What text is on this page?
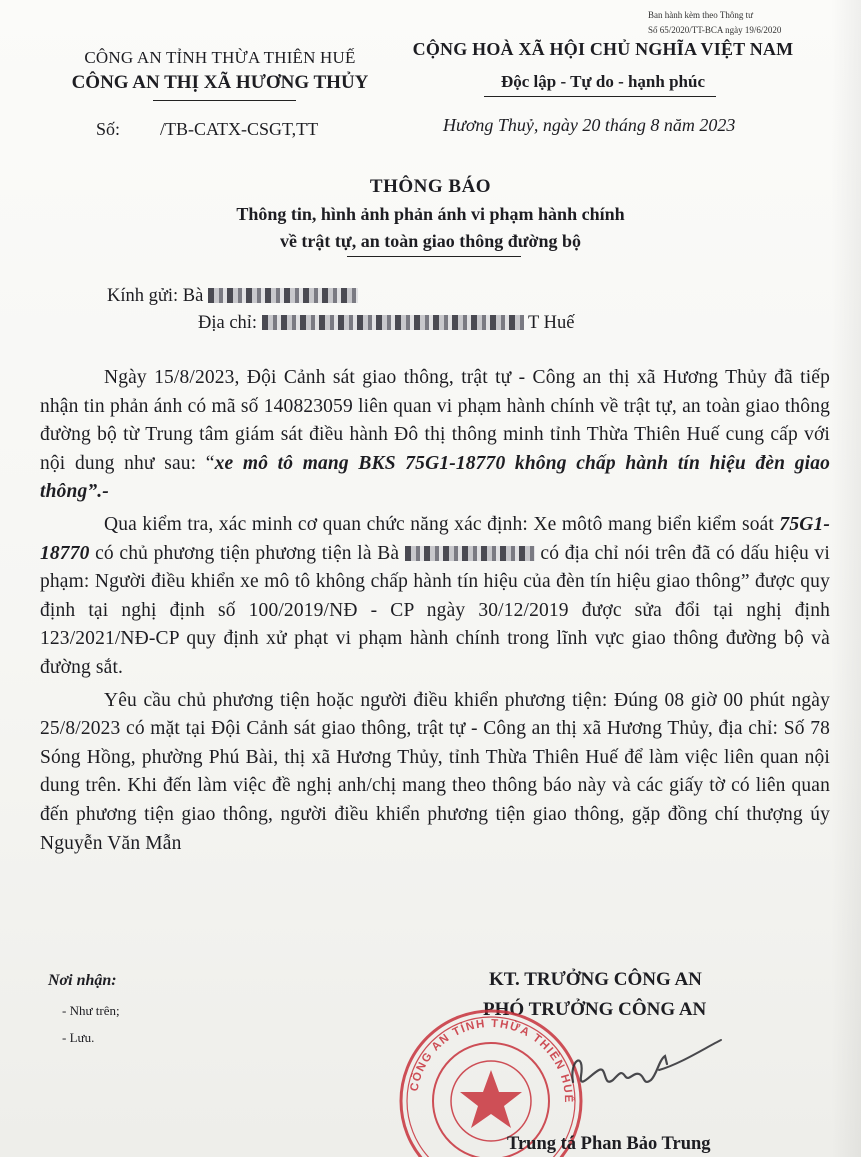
Ban hành kèm theo Thông tư
Số 65/2020/TT-BCA ngày 19/6/2020
CÔNG AN TỈNH THỪA THIÊN HUẾ
CÔNG AN THỊ XÃ HƯƠNG THỦY
CỘNG HOÀ XÃ HỘI CHỦ NGHĨA VIỆT NAM
Độc lập - Tự do - hạnh phúc
Số: /TB-CATX-CSGT,TT	Hương Thuỷ, ngày 20 tháng 8 năm 2023
THÔNG BÁO
Thông tin, hình ảnh phản ánh vi phạm hành chính
về trật tự, an toàn giao thông đường bộ
Kính gửi: Bà
Địa chỉ:	T Huế

Ngày 15/8/2023, Đội Cảnh sát giao thông, trật tự - Công an thị xã Hương Thủy đã tiếp nhận tin phản ánh có mã số 140823059 liên quan vi phạm hành chính về trật tự, an toàn giao thông đường bộ từ Trung tâm giám sát điều hành Đô thị thông minh tỉnh Thừa Thiên Huế cung cấp với nội dung như sau: “xe mô tô mang BKS 75G1-18770 không chấp hành tín hiệu đèn giao thông”.-

Qua kiểm tra, xác minh cơ quan chức năng xác định: Xe môtô mang biển kiểm soát 75G1-18770 có chủ phương tiện phương tiện là Bà	có địa chỉ nói trên đã có dấu hiệu vi phạm: Người điều khiển xe mô tô không chấp hành tín hiệu của đèn tín hiệu giao thông” được quy định tại nghị định số 100/2019/NĐ - CP ngày 30/12/2019 được sửa đổi tại nghị định 123/2021/NĐ-CP quy định xử phạt vi phạm hành chính trong lĩnh vực giao thông đường bộ và đường sắt.

Yêu cầu chủ phương tiện hoặc người điều khiển phương tiện: Đúng 08 giờ 00 phút ngày 25/8/2023 có mặt tại Đội Cảnh sát giao thông, trật tự - Công an thị xã Hương Thủy, địa chỉ: Số 78 Sóng Hồng, phường Phú Bài, thị xã Hương Thủy, tỉnh Thừa Thiên Huế để làm việc liên quan nội dung trên. Khi đến làm việc đề nghị anh/chị mang theo thông báo này và các giấy tờ có liên quan đến phương tiện giao thông, người điều khiển phương tiện giao thông, gặp đồng chí thượng úy Nguyễn Văn Mẫn

Nơi nhận:
- Như trên;
- Lưu.
KT. TRƯỞNG CÔNG AN
PHÓ TRƯỞNG CÔNG AN
CÔNG AN TỈNH THỪA THIÊN HUẾ
Trung tá Phan Bảo Trung
